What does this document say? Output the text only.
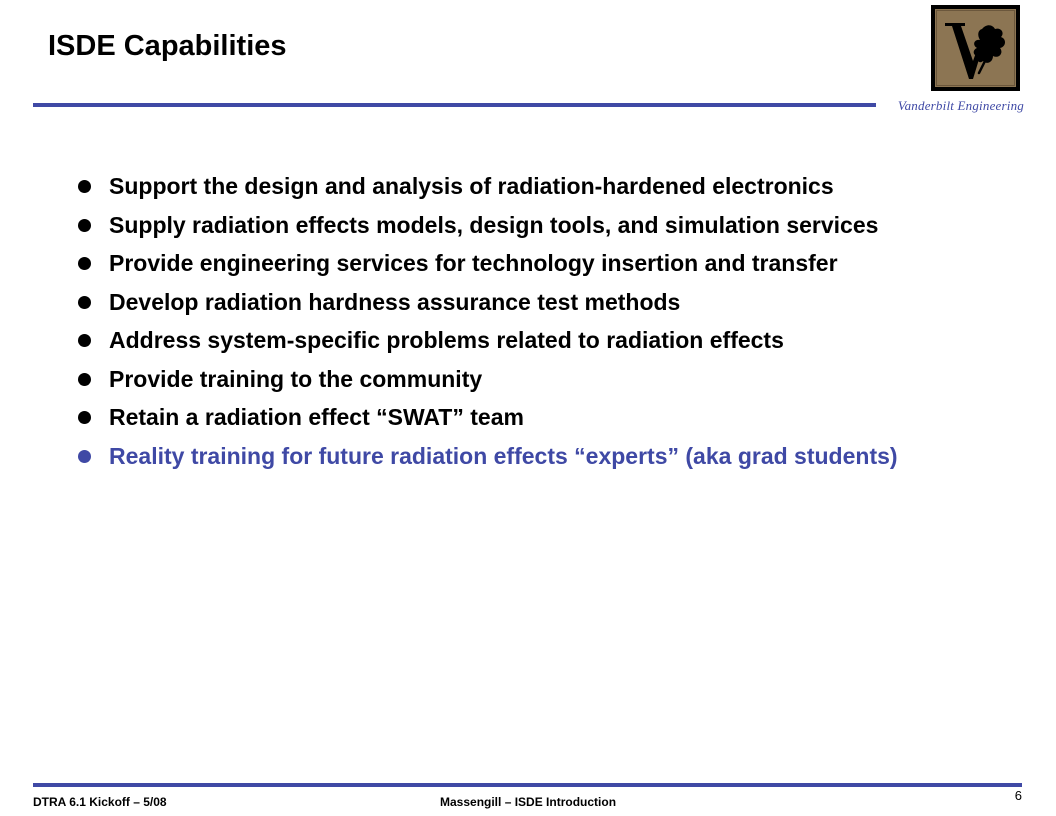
ISDE Capabilities
Vanderbilt Engineering
Support the design and analysis of radiation-hardened electronics
Supply radiation effects models, design tools, and simulation services
Provide engineering services for technology insertion and transfer
Develop radiation hardness assurance test methods
Address system-specific problems related to radiation effects
Provide training to the community
Retain a radiation effect “SWAT” team
Reality training for future radiation effects “experts” (aka grad students)
DTRA 6.1 Kickoff – 5/08	Massengill – ISDE Introduction	6
